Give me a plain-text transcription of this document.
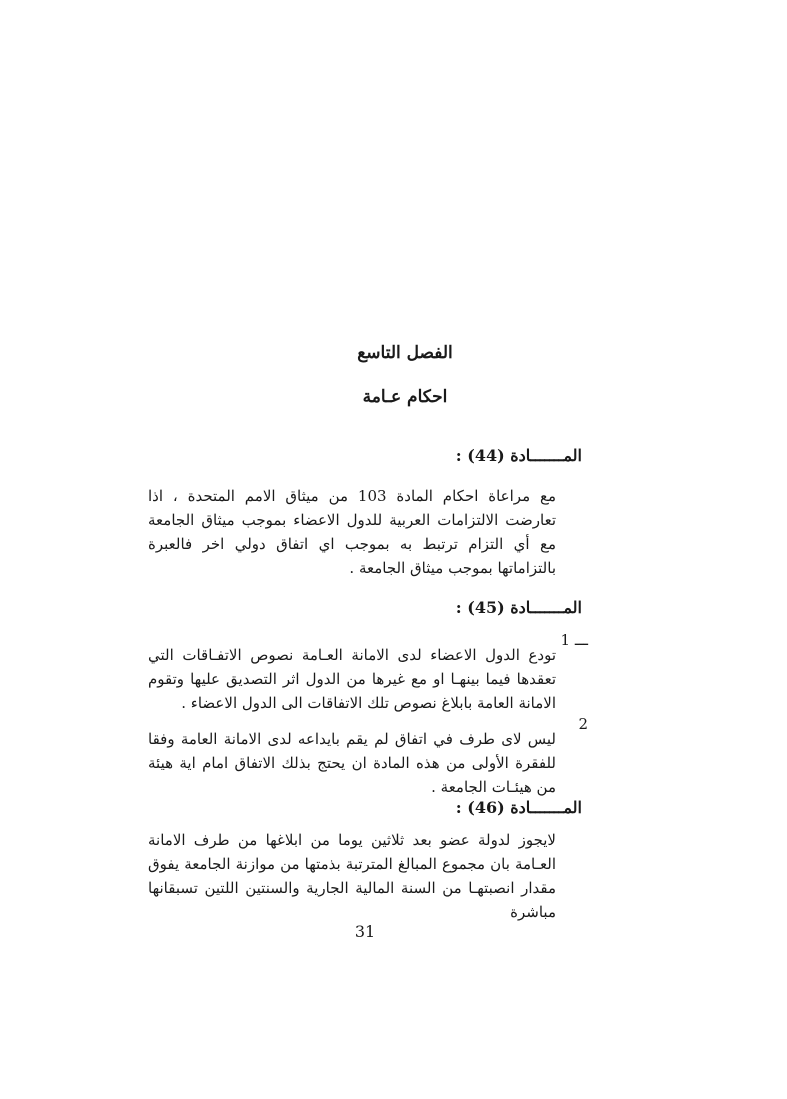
الفصل التاسع
احكام عـامة
المـــــــادة (44) :

مع مراعاة احكام المادة 103 من ميثاق الامم المتحدة ، اذا تعارضت الالتزامات العربية للدول الاعضاء بموجب ميثاق الجامعة مع أي التزام ترتبط به بموجب اي اتفاق دولي اخر فالعبرة بالتزاماتها بموجب ميثاق الجامعة .

المـــــــادة (45) :
1 ـــ

تودع الدول الاعضاء لدى الامانة العـامة نصوص الاتفـاقات التي تعقدها فيما بينهـا او مع غيرها من الدول اثر التصديق عليها وتقوم الامانة العامة بابلاغ نصوص تلك الاتفاقات الى الدول الاعضاء .

2

ليس لاى طرف في اتفاق لم يقم بايداعه لدى الامانة العامة وفقا للفقرة الأولى من هذه المادة ان يحتج بذلك الاتفاق امام اية هيئة من هيئـات الجامعة .

المـــــــادة (46) :

لايجوز لدولة عضو بعد ثلاثين يوما من ابلاغها من طرف الامانة العـامة بان مجموع المبالغ المترتبة بذمتها من موازنة الجامعة يفوق مقدار انصبتهـا من السنة المالية الجارية والسنتين اللتين تسبقانها مباشرة

31
